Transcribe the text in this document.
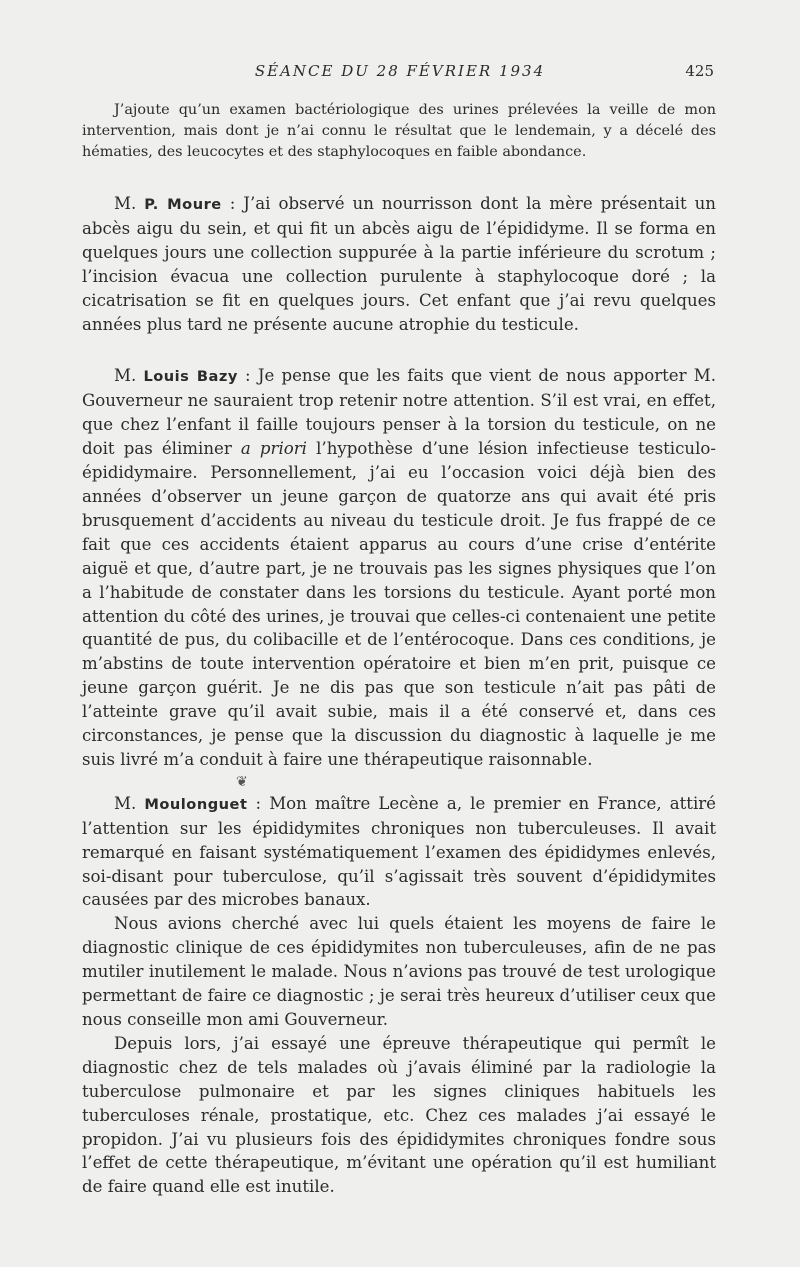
SÉANCE DU 28 FÉVRIER 1934	425

J’ajoute qu’un examen bactériologique des urines prélevées la veille de mon intervention, mais dont je n’ai connu le résultat que le lendemain, y a décelé des hématies, des leucocytes et des staphylocoques en faible abondance.

M. P. Moure : J’ai observé un nourrisson dont la mère présentait un abcès aigu du sein, et qui fit un abcès aigu de l’épididyme. Il se forma en quelques jours une collection suppurée à la partie inférieure du scrotum ; l’incision évacua une collection purulente à staphylocoque doré ; la cicatrisation se fit en quelques jours. Cet enfant que j’ai revu quelques années plus tard ne présente aucune atrophie du testicule.

M. Louis Bazy : Je pense que les faits que vient de nous apporter M. Gouverneur ne sauraient trop retenir notre attention. S’il est vrai, en effet, que chez l’enfant il faille toujours penser à la torsion du testicule, on ne doit pas éliminer a priori l’hypothèse d’une lésion infectieuse testiculo-épididymaire. Personnellement, j’ai eu l’occasion voici déjà bien des années d’observer un jeune garçon de quatorze ans qui avait été pris brusquement d’accidents au niveau du testicule droit. Je fus frappé de ce fait que ces accidents étaient apparus au cours d’une crise d’entérite aiguë et que, d’autre part, je ne trouvais pas les signes physiques que l’on a l’habitude de constater dans les torsions du testicule. Ayant porté mon attention du côté des urines, je trouvai que celles-ci contenaient une petite quantité de pus, du colibacille et de l’entérocoque. Dans ces conditions, je m’abstins de toute intervention opératoire et bien m’en prit, puisque ce jeune garçon guérit. Je ne dis pas que son testicule n’ait pas pâti de l’atteinte grave qu’il avait subie, mais il a été conservé et, dans ces circonstances, je pense que la discussion du diagnostic à laquelle je me suis livré m’a conduit à faire une thérapeutique raisonnable.

❦

M. Moulonguet : Mon maître Lecène a, le premier en France, attiré l’attention sur les épididymites chroniques non tuberculeuses. Il avait remarqué en faisant systématiquement l’examen des épididymes enlevés, soi-disant pour tuberculose, qu’il s’agissait très souvent d’épididymites causées par des microbes banaux.

Nous avions cherché avec lui quels étaient les moyens de faire le diagnostic clinique de ces épididymites non tuberculeuses, afin de ne pas mutiler inutilement le malade. Nous n’avions pas trouvé de test urologique permettant de faire ce diagnostic ; je serai très heureux d’utiliser ceux que nous conseille mon ami Gouverneur.

Depuis lors, j’ai essayé une épreuve thérapeutique qui permît le diagnostic chez de tels malades où j’avais éliminé par la radiologie la tuberculose pulmonaire et par les signes cliniques habituels les tuberculoses rénale, prostatique, etc. Chez ces malades j’ai essayé le propidon. J’ai vu plusieurs fois des épididymites chroniques fondre sous l’effet de cette thérapeutique, m’évitant une opération qu’il est humiliant de faire quand elle est inutile.
